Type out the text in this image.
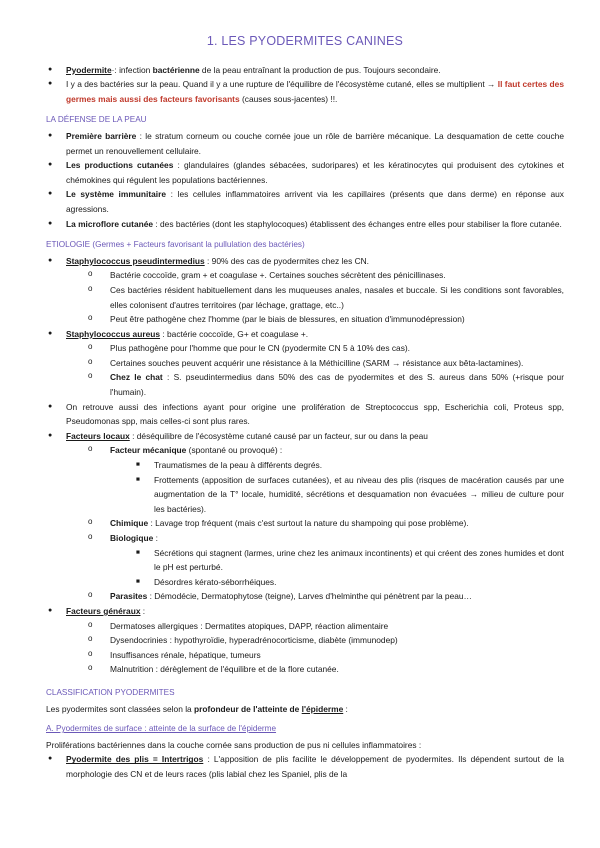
1. LES PYODERMITES CANINES
● Pyodermite·: infection bactérienne de la peau entraînant la production de pus. Toujours secondaire.
● I y a des bactéries sur la peau. Quand il y a une rupture de l'équilibre de l'écosystème cutané, elles se multiplient → Il faut certes des germes mais aussi des facteurs favorisants (causes sous-jacentes) !!.
LA DÉFENSE DE LA PEAU
● Première barrière : le stratum corneum ou couche cornée joue un rôle de barrière mécanique. La desquamation de cette couche permet un renouvellement cellulaire.
● Les productions cutanées : glandulaires (glandes sébacées, sudoripares) et les kératinocytes qui produisent des cytokines et chémokines qui régulent les populations bactériennes.
● Le système immunitaire : les cellules inflammatoires arrivent via les capillaires (présents que dans derme) en réponse aux agressions.
● La microflore cutanée : des bactéries (dont les staphylocoques) établissent des échanges entre elles pour stabiliser la flore cutanée.
ETIOLOGIE (Germes + Facteurs favorisant la pullulation des bactéries)
● Staphylococcus pseudintermedius : 90% des cas de pyodermites chez les CN.
o Bactérie coccoïde, gram + et coagulase +. Certaines souches sécrètent des pénicillinases.
o Ces bactéries résident habituellement dans les muqueuses anales, nasales et buccale. Si les conditions sont favorables, elles colonisent d'autres territoires (par léchage, grattage, etc..)
o Peut être pathogène chez l'homme (par le biais de blessures, en situation d'immunodépression)
● Staphylococcus aureus : bactérie coccoïde, G+ et coagulase +.
o Plus pathogène pour l'homme que pour le CN (pyodermite CN 5 à 10% des cas).
o Certaines souches peuvent acquérir une résistance à la Méthicilline (SARM → résistance aux bêta-lactamines).
o Chez le chat : S. pseudintermedius dans 50% des cas de pyodermites et des S. aureus dans 50% (+risque pour l'humain).
● On retrouve aussi des infections ayant pour origine une prolifération de Streptococcus spp, Escherichia coli, Proteus spp, Pseudomonas spp, mais celles-ci sont plus rares.
● Facteurs locaux : déséquilibre de l'écosystème cutané causé par un facteur, sur ou dans la peau
o Facteur mécanique (spontané ou provoqué) :
■ Traumatismes de la peau à différents degrés.
■ Frottements (apposition de surfaces cutanées), et au niveau des plis (risques de macération causés par une augmentation de la T° locale, humidité, sécrétions et desquamation non évacuées → milieu de culture pour les bactéries).
o Chimique : Lavage trop fréquent (mais c'est surtout la nature du shampoing qui pose problème).
o Biologique :
■ Sécrétions qui stagnent (larmes, urine chez les animaux incontinents) et qui créent des zones humides et dont le pH est perturbé.
■ Désordres kérato-séborrhéiques.
o Parasites : Démodécie, Dermatophytose (teigne), Larves d'helminthe qui pénètrent par la peau…
● Facteurs généraux :
o Dermatoses allergiques : Dermatites atopiques, DAPP, réaction alimentaire
o Dysendocrinies : hypothyroïdie, hyperadrénocorticisme, diabète (immunodep)
o Insuffisances rénale, hépatique, tumeurs
o Malnutrition : dérèglement de l'équilibre et de la flore cutanée.
CLASSIFICATION PYODERMITES

Les pyodermites sont classées selon la profondeur de l'atteinte de l'épiderme :

A. Pyodermites de surface : atteinte de la surface de l'épiderme

Proliférations bactériennes dans la couche cornée sans production de pus ni cellules inflammatoires :

● Pyodermite des plis = Intertrigos : L'apposition de plis facilite le développement de pyodermites. Ils dépendent surtout de la morphologie des CN et de leurs races (plis labial chez les Spaniel, plis de la
